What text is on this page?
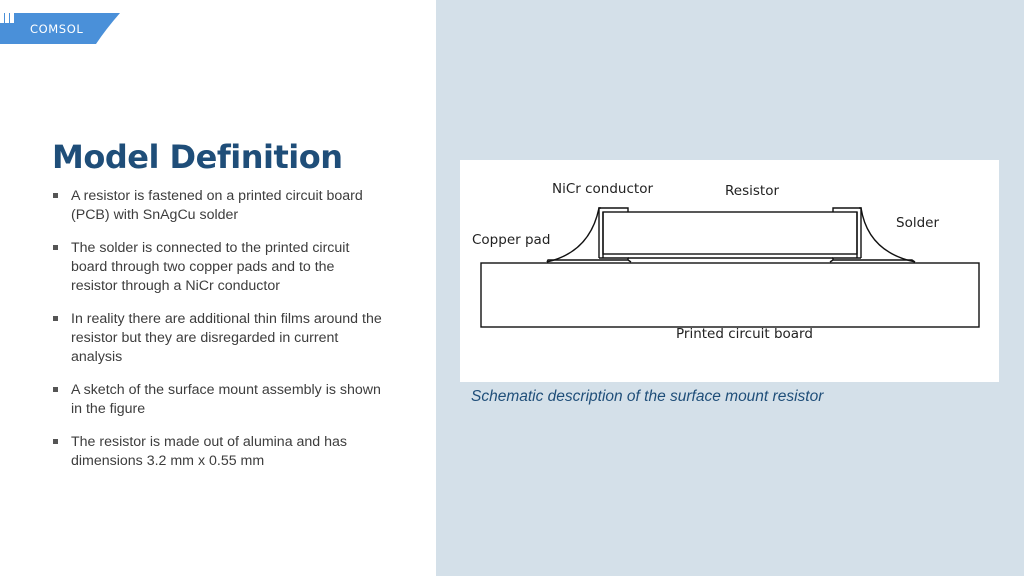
COMSOL
Model Definition
A resistor is fastened on a printed circuit board (PCB) with SnAgCu solder
The solder is connected to the printed circuit board through two copper pads and to the resistor through a NiCr conductor
In reality there are additional thin films around the resistor but they are disregarded in current analysis
A sketch of the surface mount assembly is shown in the figure
The resistor is made out of alumina and has dimensions 3.2 mm x 0.55 mm
NiCr conductor	Resistor
Solder
Copper pad
Printed circuit board
Schematic description of the surface mount resistor
